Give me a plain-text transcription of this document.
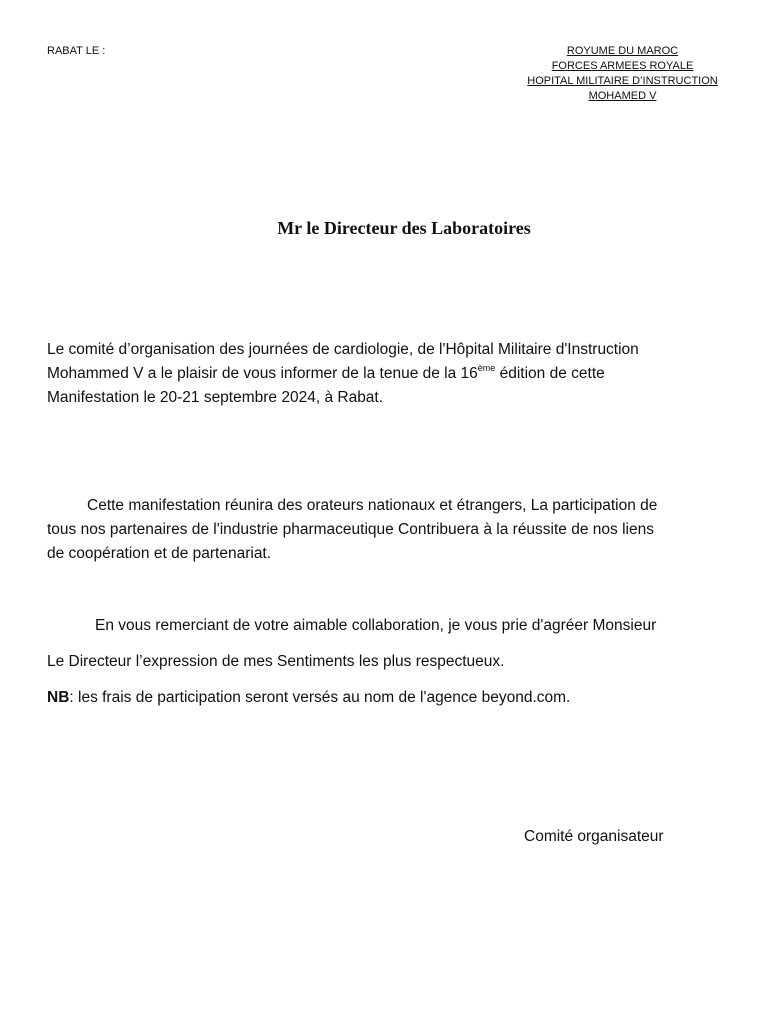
RABAT LE :	ROYUME DU MAROC
FORCES ARMEES ROYALE
HOPITAL MILITAIRE D’INSTRUCTION
MOHAMED V
Mr le Directeur des Laboratoires
Le comité d’organisation des journées de cardiologie, de l'Hôpital Militaire d'Instruction
Mohammed V a le plaisir de vous informer de la tenue de la 16ème édition de cette
Manifestation le 20-21 septembre 2024, à Rabat.
Cette manifestation réunira des orateurs nationaux et étrangers, La participation de
tous nos partenaires de l'industrie pharmaceutique Contribuera à la réussite de nos liens
de coopération et de partenariat.
En vous remerciant de votre aimable collaboration, je vous prie d'agréer Monsieur
Le Directeur l’expression de mes Sentiments les plus respectueux.
NB: les frais de participation seront versés au nom de l'agence beyond.com.
Comité organisateur
